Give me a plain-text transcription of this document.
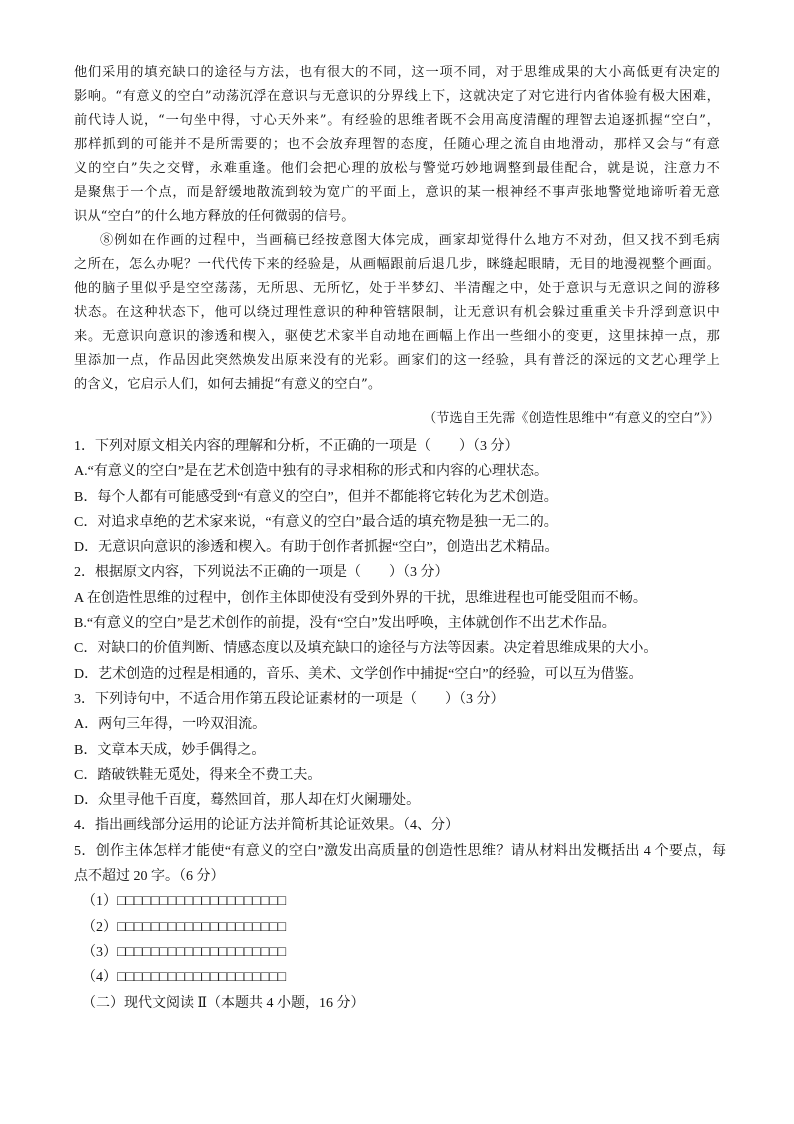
他们采用的填充缺口的途径与方法，也有很大的不同，这一项不同，对于思维成果的大小高低更有决定的
影响。“有意义的空白”动荡沉浮在意识与无意识的分界线上下，这就决定了对它进行内省体验有极大困难，
前代诗人说，“一句坐中得，寸心天外来”。有经验的思维者既不会用高度清醒的理智去追逐抓握“空白”，
那样抓到的可能并不是所需要的；也不会放弃理智的态度，任随心理之流自由地滑动，那样又会与“有意
义的空白”失之交臂，永难重逢。他们会把心理的放松与警觉巧妙地调整到最佳配合，就是说，注意力不
是聚焦于一个点，而是舒缓地散流到较为宽广的平面上，意识的某一根神经不事声张地警觉地谛听着无意
识从“空白”的什么地方释放的任何微弱的信号。
⑧例如在作画的过程中，当画稿已经按意图大体完成，画家却觉得什么地方不对劲，但又找不到毛病
之所在，怎么办呢？一代代传下来的经验是，从画幅跟前后退几步，眯缝起眼睛，无目的地漫视整个画面。
他的脑子里似乎是空空荡荡，无所思、无所忆，处于半梦幻、半清醒之中，处于意识与无意识之间的游移
状态。在这种状态下，他可以绕过理性意识的种种管辖限制，让无意识有机会躲过重重关卡升浮到意识中
来。无意识向意识的渗透和楔入，驱使艺术家半自动地在画幅上作出一些细小的变更，这里抹掉一点，那
里添加一点，作品因此突然焕发出原来没有的光彩。画家们的这一经验，具有普泛的深远的文艺心理学上
的含义，它启示人们，如何去捕捉“有意义的空白”。
（节选自王先霈《创造性思维中“有意义的空白”》）
1．下列对原文相关内容的理解和分析，不正确的一项是（　　）（3 分）
A.“有意义的空白”是在艺术创造中独有的寻求相称的形式和内容的心理状态。
B．每个人都有可能感受到“有意义的空白”，但并不都能将它转化为艺术创造。
C．对追求卓绝的艺术家来说，“有意义的空白”最合适的填充物是独一无二的。
D．无意识向意识的渗透和楔入。有助于创作者抓握“空白”，创造出艺术精品。
2．根据原文内容，下列说法不正确的一项是（　　）（3 分）
A 在创造性思维的过程中，创作主体即使没有受到外界的干扰，思维进程也可能受阻而不畅。
B.“有意义的空白”是艺术创作的前提，没有“空白”发出呼唤，主体就创作不出艺术作品。
C．对缺口的价值判断、情感态度以及填充缺口的途径与方法等因素。决定着思维成果的大小。
D．艺术创造的过程是相通的，音乐、美术、文学创作中捕捉“空白”的经验，可以互为借鉴。
3．下列诗句中，不适合用作第五段论证素材的一项是（　　）（3 分）
A．两句三年得，一吟双泪流。
B．文章本天成，妙手偶得之。
C．踏破铁鞋无觅处，得来全不费工夫。
D．众里寻他千百度，蓦然回首，那人却在灯火阑珊处。
4．指出画线部分运用的论证方法并简析其论证效果。（4、分）
5．创作主体怎样才能使“有意义的空白”激发出高质量的创造性思维？请从材料出发概括出 4 个要点，每
点不超过 20 字。（6 分）
（1）□□□□□□□□□□□□□□□□□□□□
（2）□□□□□□□□□□□□□□□□□□□□
（3）□□□□□□□□□□□□□□□□□□□□
（4）□□□□□□□□□□□□□□□□□□□□
（二）现代文阅读 Ⅱ（本题共 4 小题，16 分）
